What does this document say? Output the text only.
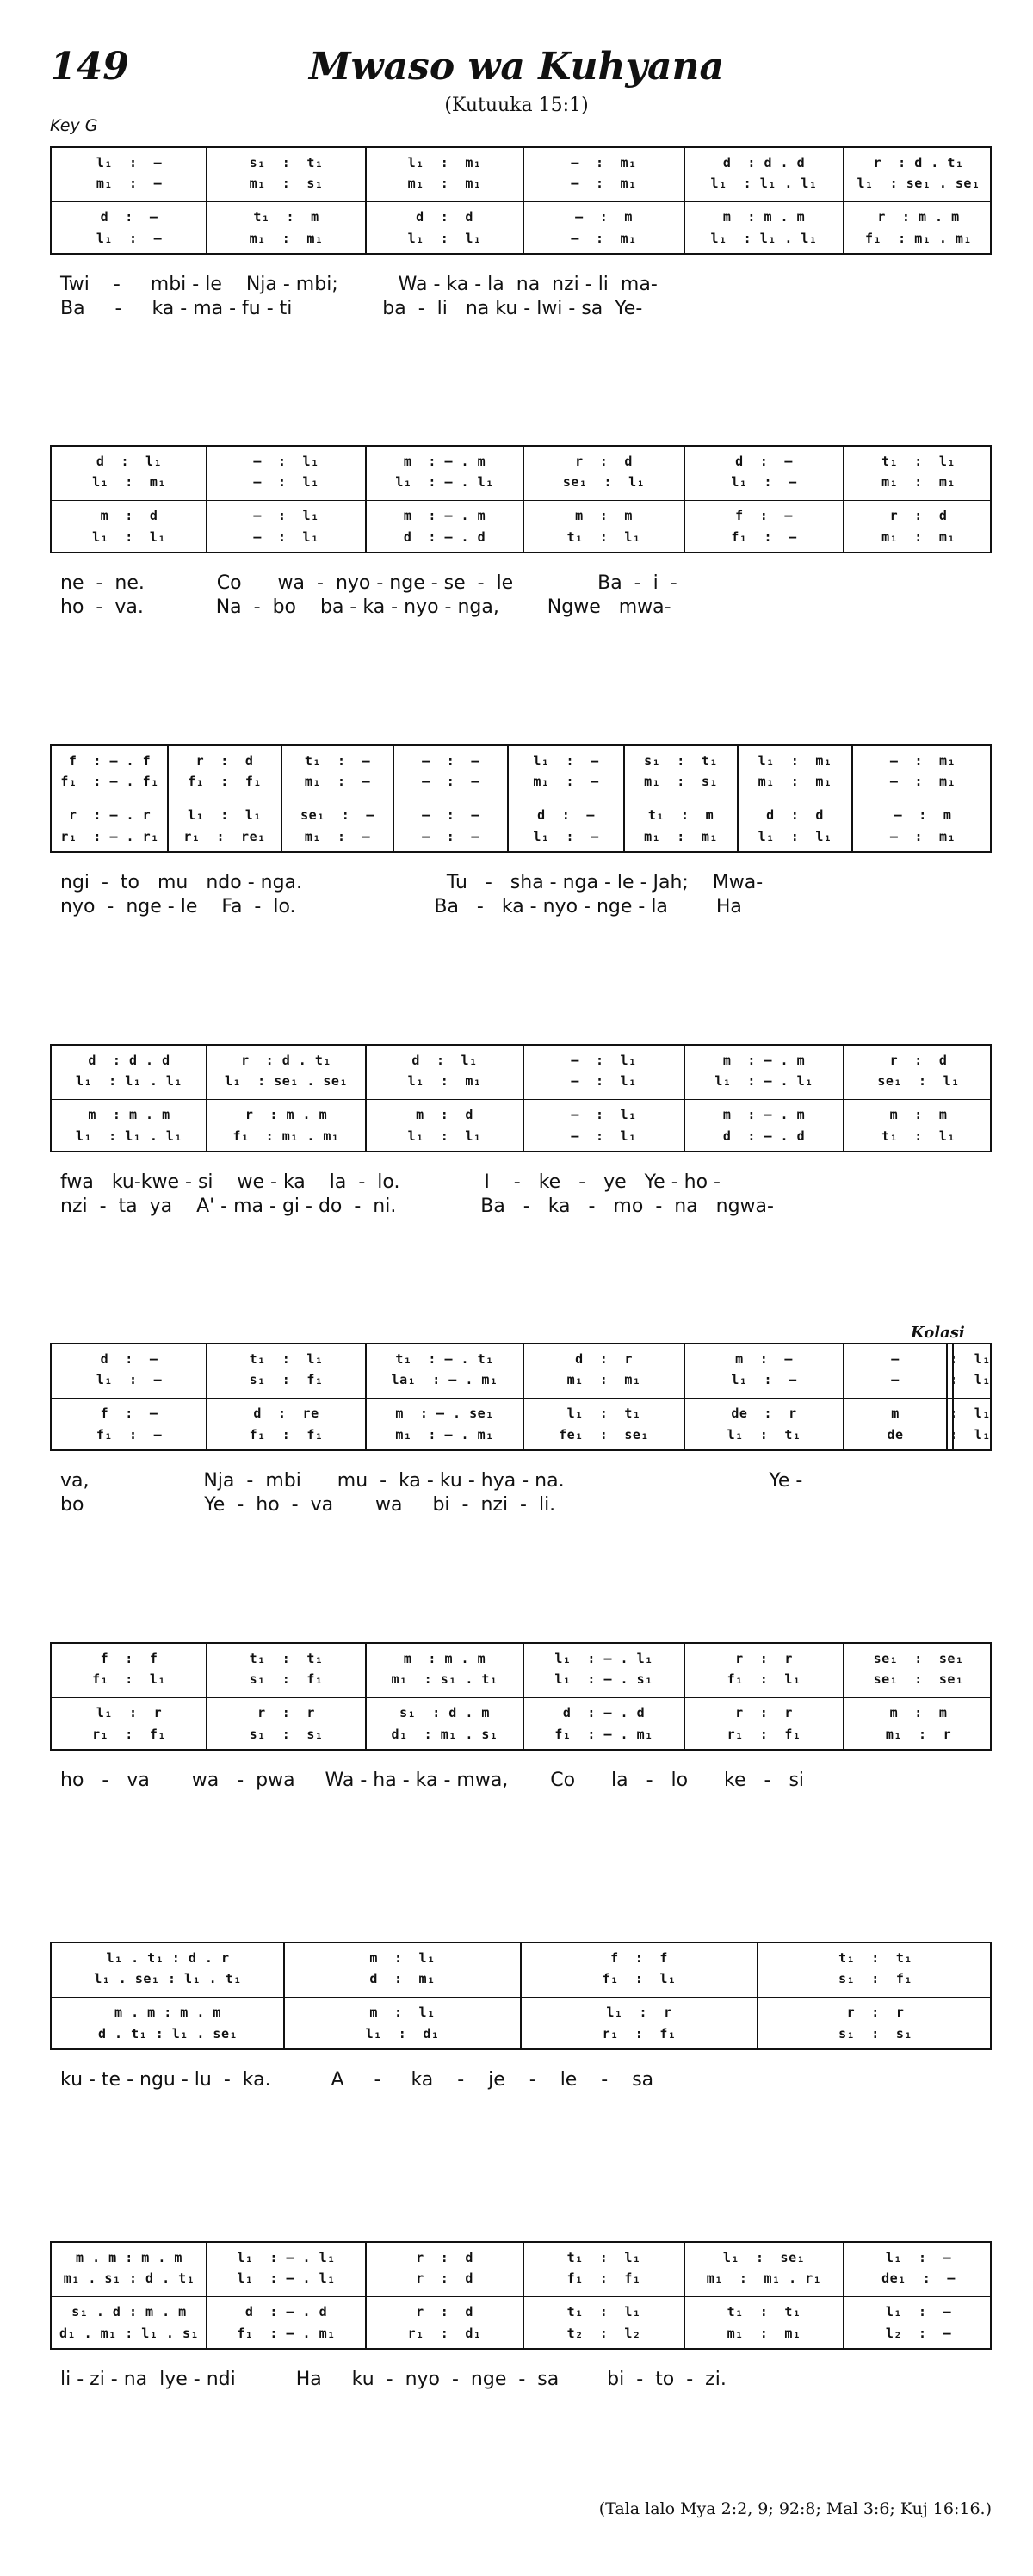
149	Mwaso wa Kuhyana
(Kutuuka 15:1)
Key G
Kolasi
l₁  :  —
m₁  :  —
d  :  —
l₁  :  —
s₁  :  t₁
m₁  :  s₁
t₁  :  m
m₁  :  m₁
l₁  :  m₁
m₁  :  m₁
d  :  d
l₁  :  l₁
—  :  m₁
—  :  m₁
—  :  m
—  :  m₁
d  : d . d
l₁  : l₁ . l₁
m  : m . m
l₁  : l₁ . l₁
r  : d . t₁
l₁  : se₁ . se₁
r  : m . m
f₁  : m₁ . m₁
Twi    -     mbi - le    Nja - mbi;          Wa - ka - la  na  nzi - li  ma-
Ba     -     ka - ma - fu - ti               ba  -  li   na ku - lwi - sa  Ye-
d  :  l₁
l₁  :  m₁
m  :  d
l₁  :  l₁
—  :  l₁
—  :  l₁
—  :  l₁
—  :  l₁
m  : – . m
l₁  : – . l₁
m  : – . m
d  : – . d
r  :  d
se₁  :  l₁
m  :  m
t₁  :  l₁
d  :  —
l₁  :  —
f  :  —
f₁  :  —
t₁  :  l₁
m₁  :  m₁
r  :  d
m₁  :  m₁
ne  -  ne.            Co      wa  -  nyo - nge - se  -  le              Ba  -  i  -
ho  -  va.            Na  -  bo    ba - ka - nyo - nga,        Ngwe   mwa-
f  : – . f
f₁  : – . f₁
r  : – . r
r₁  : – . r₁
r  :  d
f₁  :  f₁
l₁  :  l₁
r₁  :  re₁
t₁  :  —
m₁  :  —
se₁  :  —
m₁  :  —
—  :  —
—  :  —
—  :  —
—  :  —
l₁  :  —
m₁  :  —
d  :  —
l₁  :  —
s₁  :  t₁
m₁  :  s₁
t₁  :  m
m₁  :  m₁
l₁  :  m₁
m₁  :  m₁
d  :  d
l₁  :  l₁
—  :  m₁
—  :  m₁
—  :  m
—  :  m₁
ngi  -  to   mu   ndo - nga.                        Tu   -   sha - nga - le - Jah;    Mwa-
nyo  -  nge - le    Fa  -  lo.                       Ba   -   ka - nyo - nge - la        Ha
d  : d . d
l₁  : l₁ . l₁
m  : m . m
l₁  : l₁ . l₁
r  : d . t₁
l₁  : se₁ . se₁
r  : m . m
f₁  : m₁ . m₁
d  :  l₁
l₁  :  m₁
m  :  d
l₁  :  l₁
—  :  l₁
—  :  l₁
—  :  l₁
—  :  l₁
m  : – . m
l₁  : – . l₁
m  : – . m
d  : – . d
r  :  d
se₁  :  l₁
m  :  m
t₁  :  l₁
fwa   ku-kwe - si    we - ka    la  -  lo.              I    -   ke   -   ye   Ye - ho -
nzi  -  ta  ya    A' - ma - gi - do  -  ni.              Ba   -   ka   -   mo  -  na   ngwa-
d  :  —
l₁  :  —
f  :  —
f₁  :  —
t₁  :  l₁
s₁  :  f₁
d  :  re
f₁  :  f₁
t₁  : – . t₁
la₁  : – . m₁
m  : – . se₁
m₁  : – . m₁
d  :  r
m₁  :  m₁
l₁  :  t₁
fe₁  :  se₁
m  :  —
l₁  :  —
de  :  r
l₁  :  t₁
—
—
m
de
:  l₁
:  l₁
:  l₁
:  l₁
va,                   Nja  -  mbi      mu  -  ka - ku - hya - na.                                  Ye -
bo                    Ye  -  ho  -  va       wa     bi  -  nzi  -  li.
f  :  f
f₁  :  l₁
l₁  :  r
r₁  :  f₁
t₁  :  t₁
s₁  :  f₁
r  :  r
s₁  :  s₁
m  : m . m
m₁  : s₁ . t₁
s₁  : d . m
d₁  : m₁ . s₁
l₁  : – . l₁
l₁  : – . s₁
d  : – . d
f₁  : – . m₁
r  :  r
f₁  :  l₁
r  :  r
r₁  :  f₁
se₁  :  se₁
se₁  :  se₁
m  :  m
m₁  :  r
ho   -   va       wa   -  pwa     Wa - ha - ka - mwa,       Co      la   -   lo      ke   -   si
l₁ . t₁ : d . r
l₁ . se₁ : l₁ . t₁
m . m : m . m
d . t₁ : l₁ . se₁
m  :  l₁
d  :  m₁
m  :  l₁
l₁  :  d₁
f  :  f
f₁  :  l₁
l₁  :  r
r₁  :  f₁
t₁  :  t₁
s₁  :  f₁
r  :  r
s₁  :  s₁
ku - te - ngu - lu  -  ka.          A     -     ka    -    je    -    le    -    sa
m . m : m . m
m₁ . s₁ : d . t₁
s₁ . d : m . m
d₁ . m₁ : l₁ . s₁
l₁  : – . l₁
l₁  : – . l₁
d  : – . d
f₁  : – . m₁
r  :  d
r  :  d
r  :  d
r₁  :  d₁
t₁  :  l₁
f₁  :  f₁
t₁  :  l₁
t₂  :  l₂
l₁  :  se₁
m₁  :  m₁ . r₁
t₁  :  t₁
m₁  :  m₁
l₁  :  —
de₁  :  —
l₁  :  —
l₂  :  —
li - zi - na  lye - ndi          Ha     ku  -  nyo  -  nge  -  sa        bi  -  to  -  zi.
(Tala lalo Mya 2:2, 9; 92:8; Mal 3:6; Kuj 16:16.)
